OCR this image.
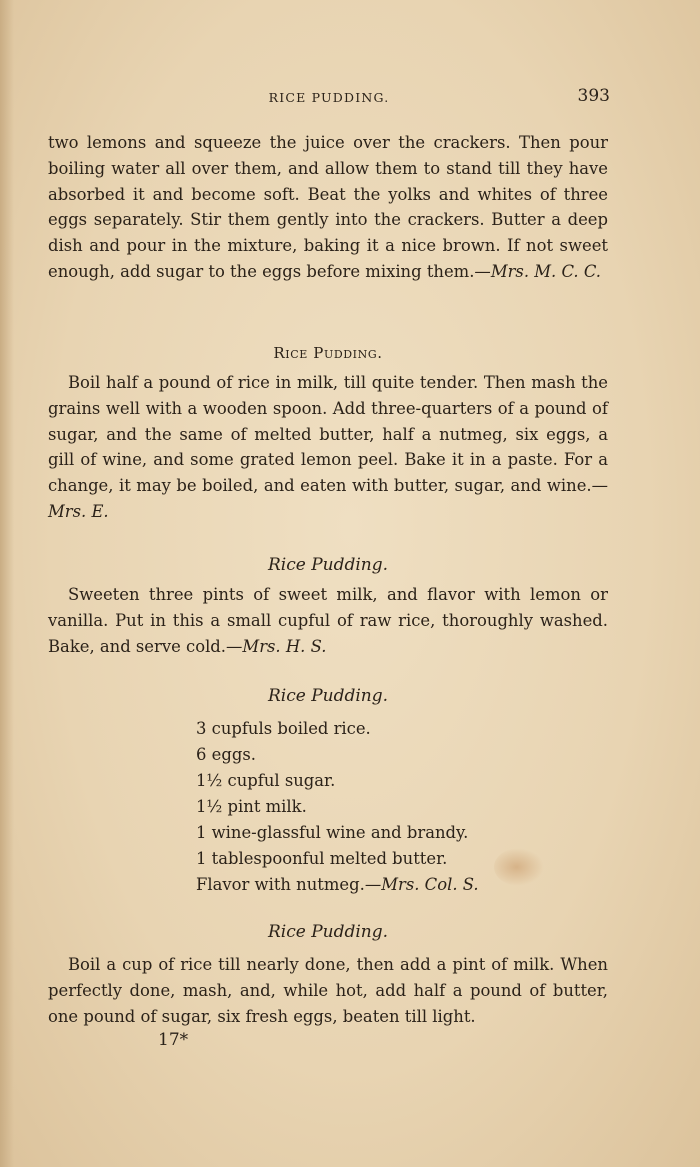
RICE PUDDING.	393

two lemons and squeeze the juice over the crackers. Then pour boiling water all over them, and allow them to stand till they have absorbed it and become soft. Beat the yolks and whites of three eggs separately. Stir them gently into the crackers. Butter a deep dish and pour in the mixture, baking it a nice brown. If not sweet enough, add sugar to the eggs before mixing them.—Mrs. M. C. C.

Rice Pudding.

Boil half a pound of rice in milk, till quite tender. Then mash the grains well with a wooden spoon. Add three-quarters of a pound of sugar, and the same of melted butter, half a nutmeg, six eggs, a gill of wine, and some grated lemon peel. Bake it in a paste. For a change, it may be boiled, and eaten with butter, sugar, and wine.—Mrs. E.

Rice Pudding.

Sweeten three pints of sweet milk, and flavor with lemon or vanilla. Put in this a small cupful of raw rice, thoroughly washed. Bake, and serve cold.—Mrs. H. S.

Rice Pudding.

3 cupfuls boiled rice.
6 eggs.
1½ cupful sugar.
1½ pint milk.
1 wine-glassful wine and brandy.
1 tablespoonful melted butter.
Flavor with nutmeg.—Mrs. Col. S.

Rice Pudding.

Boil a cup of rice till nearly done, then add a pint of milk. When perfectly done, mash, and, while hot, add half a pound of butter, one pound of sugar, six fresh eggs, beaten till light.

17*
